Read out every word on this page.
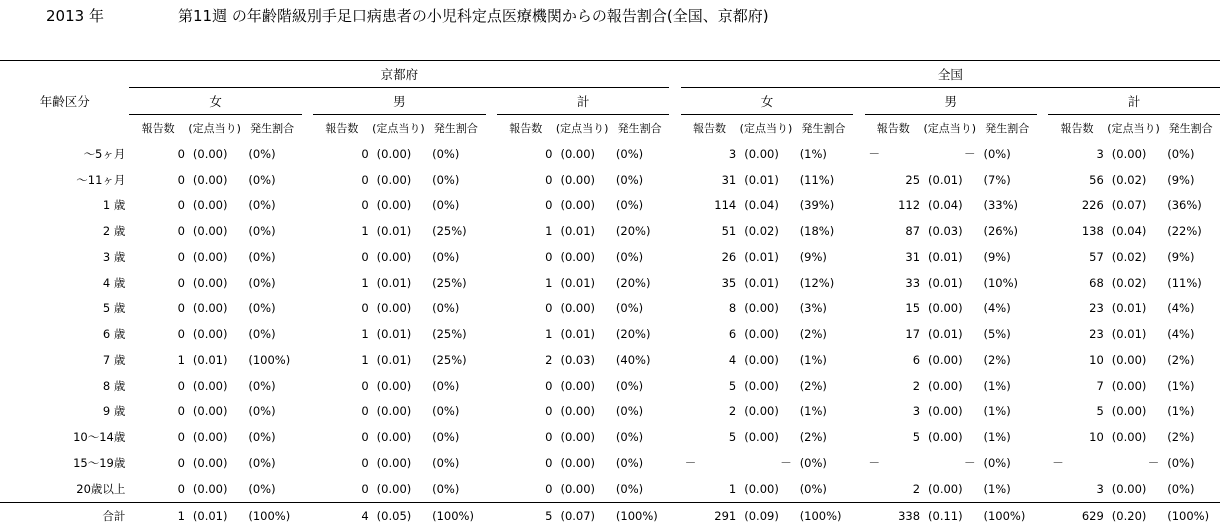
2013 年	第11週 の年齢階級別手足口病患者の小児科定点医療機関からの報告割合(全国、京都府)

年齢区分	京都府												全国										
	女				男				計				女				男				計		
	報告数	(定点当り)	発生割合		報告数	(定点当り)	発生割合		報告数	(定点当り)	発生割合		報告数	(定点当り)	発生割合		報告数	(定点当り)	発生割合		報告数	(定点当り)	発生割合
～5ヶ月	0	(0.00)	(0%)		0	(0.00)	(0%)		0	(0.00)	(0%)		3	(0.00)	(1%)		－	－	(0%)		3	(0.00)	(0%)
～11ヶ月	0	(0.00)	(0%)		0	(0.00)	(0%)		0	(0.00)	(0%)		31	(0.01)	(11%)		25	(0.01)	(7%)		56	(0.02)	(9%)
1 歳	0	(0.00)	(0%)		0	(0.00)	(0%)		0	(0.00)	(0%)		114	(0.04)	(39%)		112	(0.04)	(33%)		226	(0.07)	(36%)
2 歳	0	(0.00)	(0%)		1	(0.01)	(25%)		1	(0.01)	(20%)		51	(0.02)	(18%)		87	(0.03)	(26%)		138	(0.04)	(22%)
3 歳	0	(0.00)	(0%)		0	(0.00)	(0%)		0	(0.00)	(0%)		26	(0.01)	(9%)		31	(0.01)	(9%)		57	(0.02)	(9%)
4 歳	0	(0.00)	(0%)		1	(0.01)	(25%)		1	(0.01)	(20%)		35	(0.01)	(12%)		33	(0.01)	(10%)		68	(0.02)	(11%)
5 歳	0	(0.00)	(0%)		0	(0.00)	(0%)		0	(0.00)	(0%)		8	(0.00)	(3%)		15	(0.00)	(4%)		23	(0.01)	(4%)
6 歳	0	(0.00)	(0%)		1	(0.01)	(25%)		1	(0.01)	(20%)		6	(0.00)	(2%)		17	(0.01)	(5%)		23	(0.01)	(4%)
7 歳	1	(0.01)	(100%)		1	(0.01)	(25%)		2	(0.03)	(40%)		4	(0.00)	(1%)		6	(0.00)	(2%)		10	(0.00)	(2%)
8 歳	0	(0.00)	(0%)		0	(0.00)	(0%)		0	(0.00)	(0%)		5	(0.00)	(2%)		2	(0.00)	(1%)		7	(0.00)	(1%)
9 歳	0	(0.00)	(0%)		0	(0.00)	(0%)		0	(0.00)	(0%)		2	(0.00)	(1%)		3	(0.00)	(1%)		5	(0.00)	(1%)
10～14歳	0	(0.00)	(0%)		0	(0.00)	(0%)		0	(0.00)	(0%)		5	(0.00)	(2%)		5	(0.00)	(1%)		10	(0.00)	(2%)
15～19歳	0	(0.00)	(0%)		0	(0.00)	(0%)		0	(0.00)	(0%)		－	－	(0%)		－	－	(0%)		－	－	(0%)
20歳以上	0	(0.00)	(0%)		0	(0.00)	(0%)		0	(0.00)	(0%)		1	(0.00)	(0%)		2	(0.00)	(1%)		3	(0.00)	(0%)
合計	1	(0.01)	(100%)		4	(0.05)	(100%)		5	(0.07)	(100%)		291	(0.09)	(100%)		338	(0.11)	(100%)		629	(0.20)	(100%)
